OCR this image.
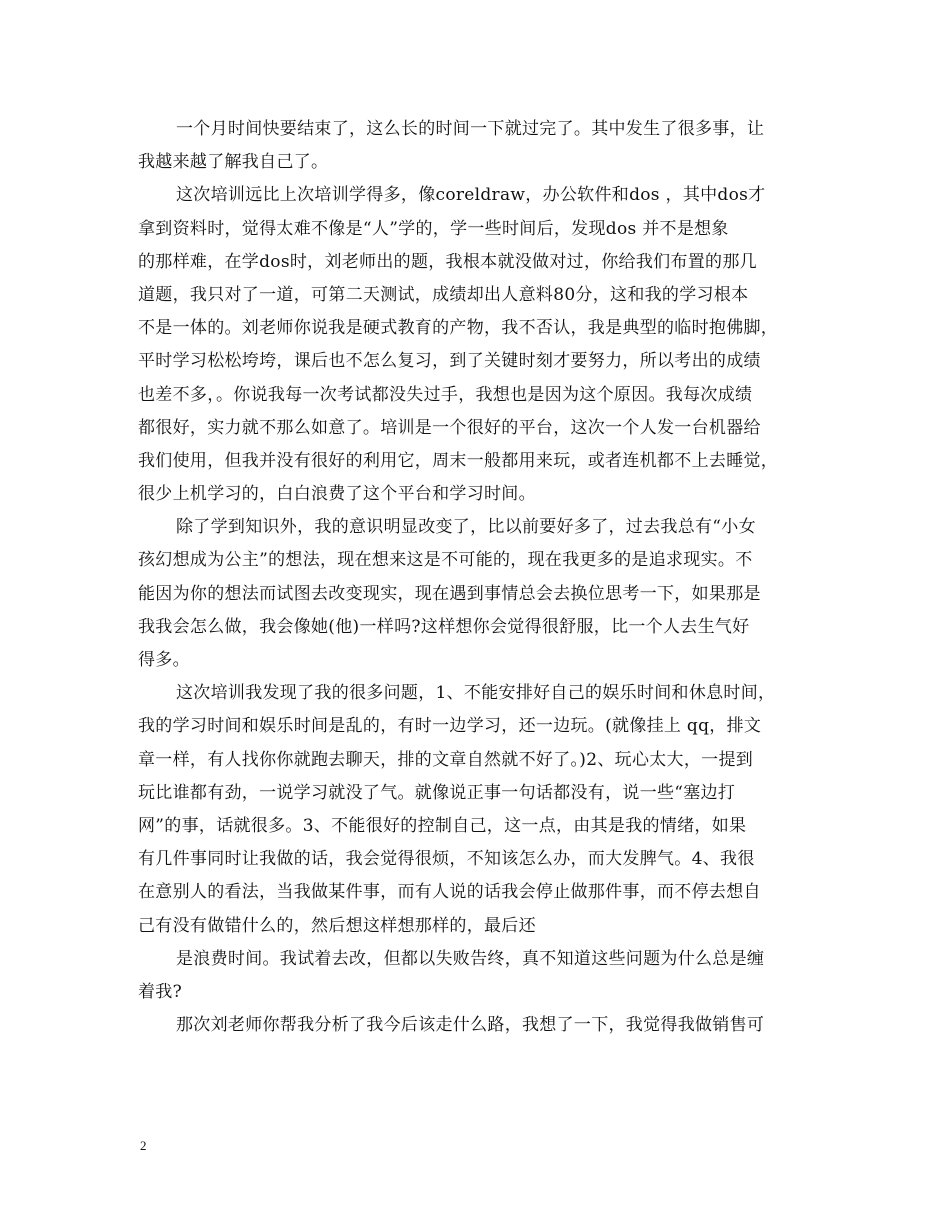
一个月时间快要结束了，这么长的时间一下就过完了。其中发生了很多事，让
我越来越了解我自己了。
这次培训远比上次培训学得多，像coreldraw，办公软件和dos ，其中dos才
拿到资料时，觉得太难不像是“人”学的，学一些时间后，发现dos 并不是想象
的那样难，在学dos时，刘老师出的题，我根本就没做对过，你给我们布置的那几
道题，我只对了一道，可第二天测试，成绩却出人意料80分，这和我的学习根本
不是一体的。刘老师你说我是硬式教育的产物，我不否认，我是典型的临时抱佛脚，
平时学习松松垮垮，课后也不怎么复习，到了关键时刻才要努力，所以考出的成绩
也差不多，。你说我每一次考试都没失过手，我想也是因为这个原因。我每次成绩
都很好，实力就不那么如意了。培训是一个很好的平台，这次一个人发一台机器给
我们使用，但我并没有很好的利用它，周末一般都用来玩，或者连机都不上去睡觉，
很少上机学习的，白白浪费了这个平台和学习时间。
除了学到知识外，我的意识明显改变了，比以前要好多了，过去我总有“小女
孩幻想成为公主”的想法，现在想来这是不可能的，现在我更多的是追求现实。不
能因为你的想法而试图去改变现实，现在遇到事情总会去换位思考一下，如果那是
我我会怎么做，我会像她(他)一样吗?这样想你会觉得很舒服，比一个人去生气好
得多。
这次培训我发现了我的很多问题，1、不能安排好自己的娱乐时间和休息时间，
我的学习时间和娱乐时间是乱的，有时一边学习，还一边玩。(就像挂上 qq，排文
章一样，有人找你你就跑去聊天，排的文章自然就不好了。)2、玩心太大，一提到
玩比谁都有劲，一说学习就没了气。就像说正事一句话都没有，说一些“塞边打
网”的事，话就很多。3、不能很好的控制自己，这一点，由其是我的情绪，如果
有几件事同时让我做的话，我会觉得很烦，不知该怎么办，而大发脾气。4、我很
在意别人的看法，当我做某件事，而有人说的话我会停止做那件事，而不停去想自
己有没有做错什么的，然后想这样想那样的，最后还
是浪费时间。我试着去改，但都以失败告终，真不知道这些问题为什么总是缠
着我?
那次刘老师你帮我分析了我今后该走什么路，我想了一下，我觉得我做销售可
2
